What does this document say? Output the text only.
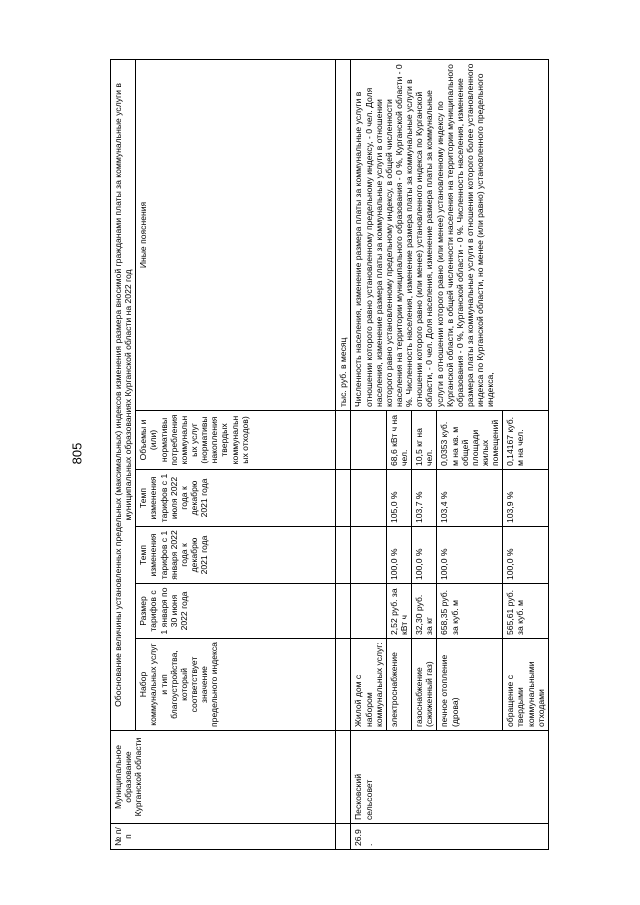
805
№ п/п	Муниципальное образование Курганской области	Обоснование величины установленных предельных (максимальных) индексов изменения размера вносимой гражданами платы за коммунальные услуги в муниципальных образованиях Курганской области на 2022 год					
		Набор коммунальных услуг и тип благоустройства, который соответствует значение предельного индекса	Размер тарифов с 1 января по 30 июня 2022 года	Темп изменения тарифов с 1 января 2022 года к декабрю 2021 года	Темп изменения тарифов с 1 июля 2022 года к декабрю 2021 года	Объемы и (или) нормативы потребления коммунальных услуг (нормативы накопления твердых коммунальных отходов)	Иные пояснения
							тыс. руб. в месяц
26.9.	Песковский сельсовет	Жилой дом с набором коммунальных услуг:					Численность населения, изменение размера платы за коммунальные услуги в отношении которого равно установленному предельному индексу, - 0 чел. Доля населения, изменение размера платы за коммунальные услуги в отношении которого равно установленному предельному индексу, в общей численности населения на территории муниципального образования - 0 %, Курганской области - 0 %. Численность населения, изменение размера платы за коммунальные услуги в отношении которого равно (или менее) установленного индекса по Курганской области, - 0 чел. Доля населения, изменение размера платы за коммунальные услуги в отношении которого равно (или менее) установленному индексу по Курганской области, в общей численности населения на территории муниципального образования - 0 %, Курганской области - 0 %. Численность населения, изменение размера платы за коммунальные услуги в отношении которого более установленного индекса по Курганской области, но менее (или равно) установленного предельного индекса,
		электроснабжение	2,52 руб. за кВт ч	100,0 %	105,0 %	68,6 кВт ч на чел.	
		газоснабжение (сжиженный газ)	32,30 руб. за кг	100,0 %	103,7 %	10,5 кг на чел.	
		печное отопление (дрова)	658,35 руб. за куб. м	100,0 %	103,4 %	0,0353 куб. м на кв. м общей площади жилых помещений	
		обращение с твердыми коммунальными отходами	565,61 руб. за куб. м	100,0 %	103,9 %	0,14167 куб. м на чел.	
